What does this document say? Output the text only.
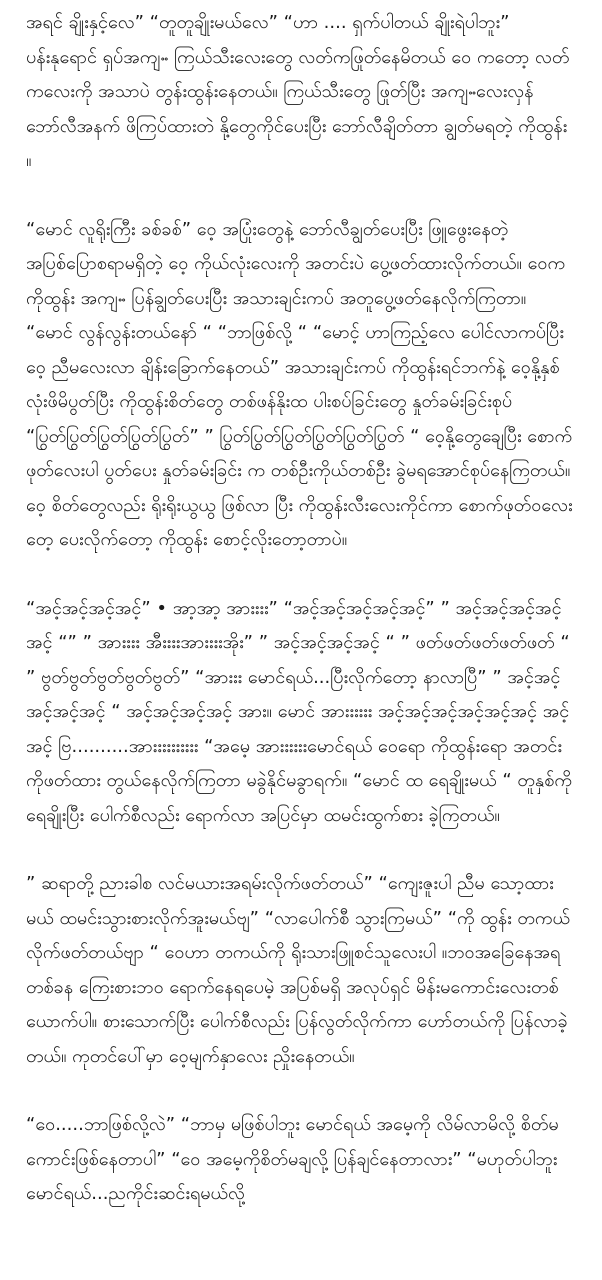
အရင် ချိုးနှင့်လေ” “တူတူချိုးမယ်လေ” “ဟာ .... ရှက်ပါတယ် ချိုးရဲပါဘူး” ပန်းနုရောင် ရှပ်အကျႌ ကြယ်သီးလေးတွေ လတ်ကဖြုတ်နေမိတယ် ဝေ ကတော့ လတ်ကလေးကို အသာပဲ တွန်းထွန်းနေတယ်။ ကြယ်သီးတွေ ဖြုတ်ပြီး အကျႌလေးလှန် ဘော်လီအနက် ဖိကြပ်ထားတဲ နို့တွေကိုင်ပေးပြီး ဘော်လီချိတ်တာ ချွတ်မရတဲ့ ကိုထွန်း ။

“မောင် လူရိုးကြီး ခစ်ခစ်” ဝေ့ အပြုံးတွေနဲ့ ဘော်လီချွတ်ပေးပြီး ဖြူဖွေးနေတဲ့ အပြစ်ပြောစရာမရှိတဲ့ ဝေ့ ကိုယ်လုံးလေးကို အတင်းပဲ ပွေ့ဖတ်ထားလိုက်တယ်။ ဝေက ကိုထွန်း အကျႌ ပြန်ချွတ်ပေးပြီး အသားချင်းကပ် အတူပွေ့ဖတ်နေလိုက်ကြတာ။ “မောင် လွန်လွန်းတယ်နော် “ “ဘာဖြစ်လို့ “ “မောင့် ဟာကြည့်လေ ပေါင်လာကပ်ပြီး ဝေ့ ညီမလေးလာ ချိန်းခြောက်နေတယ်” အသားချင်းကပ် ကိုထွန်းရင်ဘက်နဲ့ ဝေ့နို့နှစ်လုံးဖိမိပွတ်ပြီး ကိုထွန်းစိတ်တွေ တစ်ဖန်နိုးထ ပါးစပ်ခြင်းတွေ နှုတ်ခမ်းခြင်းစုပ် “ပြွတ်ပြွတ်ပြွတ်ပြွတ်ပြွတ်” ” ပြွတ်ပြွတ်ပြွတ်ပြွတ်ပြွတ်ပြွတ် “ ဝေ့နို့တွေချေပြီး စောက်ဖုတ်လေးပါ ပွတ်ပေး နှုတ်ခမ်းခြင်း က တစ်ဦးကိုယ်တစ်ဦး ခွဲမရအောင်စုပ်နေကြတယ်။ ဝေ့ စိတ်တွေလည်း ရိုးရိုးယွယွ ဖြစ်လာ ပြီး ကိုထွန်းလီးလေးကိုင်ကာ စောက်ဖုတ်ဝလေး တေ့ ပေးလိုက်တော့ ကိုထွန်း စောင့်လိုးတော့တာပဲ။

“အင့်အင့်အင့်အင့်” • အာ့အာ့ အားးးး” “အင့်အင့်အင့်အင့်အင့်” ” အင့်အင့်အင့်အင့်အင့် “” ” အားးးး အီးးးးအားးးးအိုး” ” အင့်အင့်အင့်အင့် “ ” ဖတ်ဖတ်ဖတ်ဖတ်ဖတ် “ ” ဗွတ်ဗွတ်ဗွတ်ဗွတ်ဗွတ်” “အားးး မောင်ရယ်...ပြီးလိုက်တော့ နာလာပြီ” ” အင့်အင့်အင့်အင့်အင့် “ အင့်အင့်အင့်အင့် အား။ မောင် အားးးးးး အင့်အင့်အင့်အင့်အင့်အင့် အင့်အင့် ဗြ..........အားးးးးးးးးး “အမေ့ အားးးးးးမောင်ရယ် ဝေရော ကိုထွန်းရော အတင်းကိုဖတ်ထား တွယ်နေလိုက်ကြတာ မခွဲနိုင်မခွာရက်။ “မောင် ထ ရေချိုးမယ် “ တူနှစ်ကို ရေချိုးပြီး ပေါက်စီလည်း ရောက်လာ အပြင်မှာ ထမင်းထွက်စား ခဲ့ကြတယ်။

” ဆရာတို့ ညားခါစ လင်မယားအရမ်းလိုက်ဖတ်တယ်” “ကျေးဇူးပါ ညီမ သော့ထားမယ် ထမင်းသွားစားလိုက်အူးမယ်ဗျ” “လာပေါက်စီ သွားကြမယ်” “ကို ထွန်း တကယ်လိုက်ဖတ်တယ်ဗျာ “ ဝေဟာ တကယ်ကို ရိုးသားဖြူစင်သူလေးပါ ။ဘဝအခြေနေအရ တစ်ခန ကြေးစားဘဝ ရောက်နေရပေမဲ့ အပြစ်မရှိ အလုပ်ရှင် မိန်းမကောင်းလေးတစ်ယောက်ပါ။ စားသောက်ပြီး ပေါက်စီလည်း ပြန်လွတ်လိုက်ကာ ဟော်တယ်ကို ပြန်လာခဲ့တယ်။ ကုတင်ပေါ်မှာ ဝေ့မျက်နှာလေး ညှိုးနေတယ်။

“ဝေ.....ဘာဖြစ်လို့လဲ” “ဘာမှ မဖြစ်ပါဘူး မောင်ရယ် အမေ့ကို လိမ်လာမိလို့ စိတ်မကောင်းဖြစ်နေတာပါ” “ဝေ အမေ့ကိုစိတ်မချလို့ ပြန်ချင်နေတာလား” “မဟုတ်ပါဘူး မောင်ရယ်...ညကိုင်းဆင်းရမယ်လို့
